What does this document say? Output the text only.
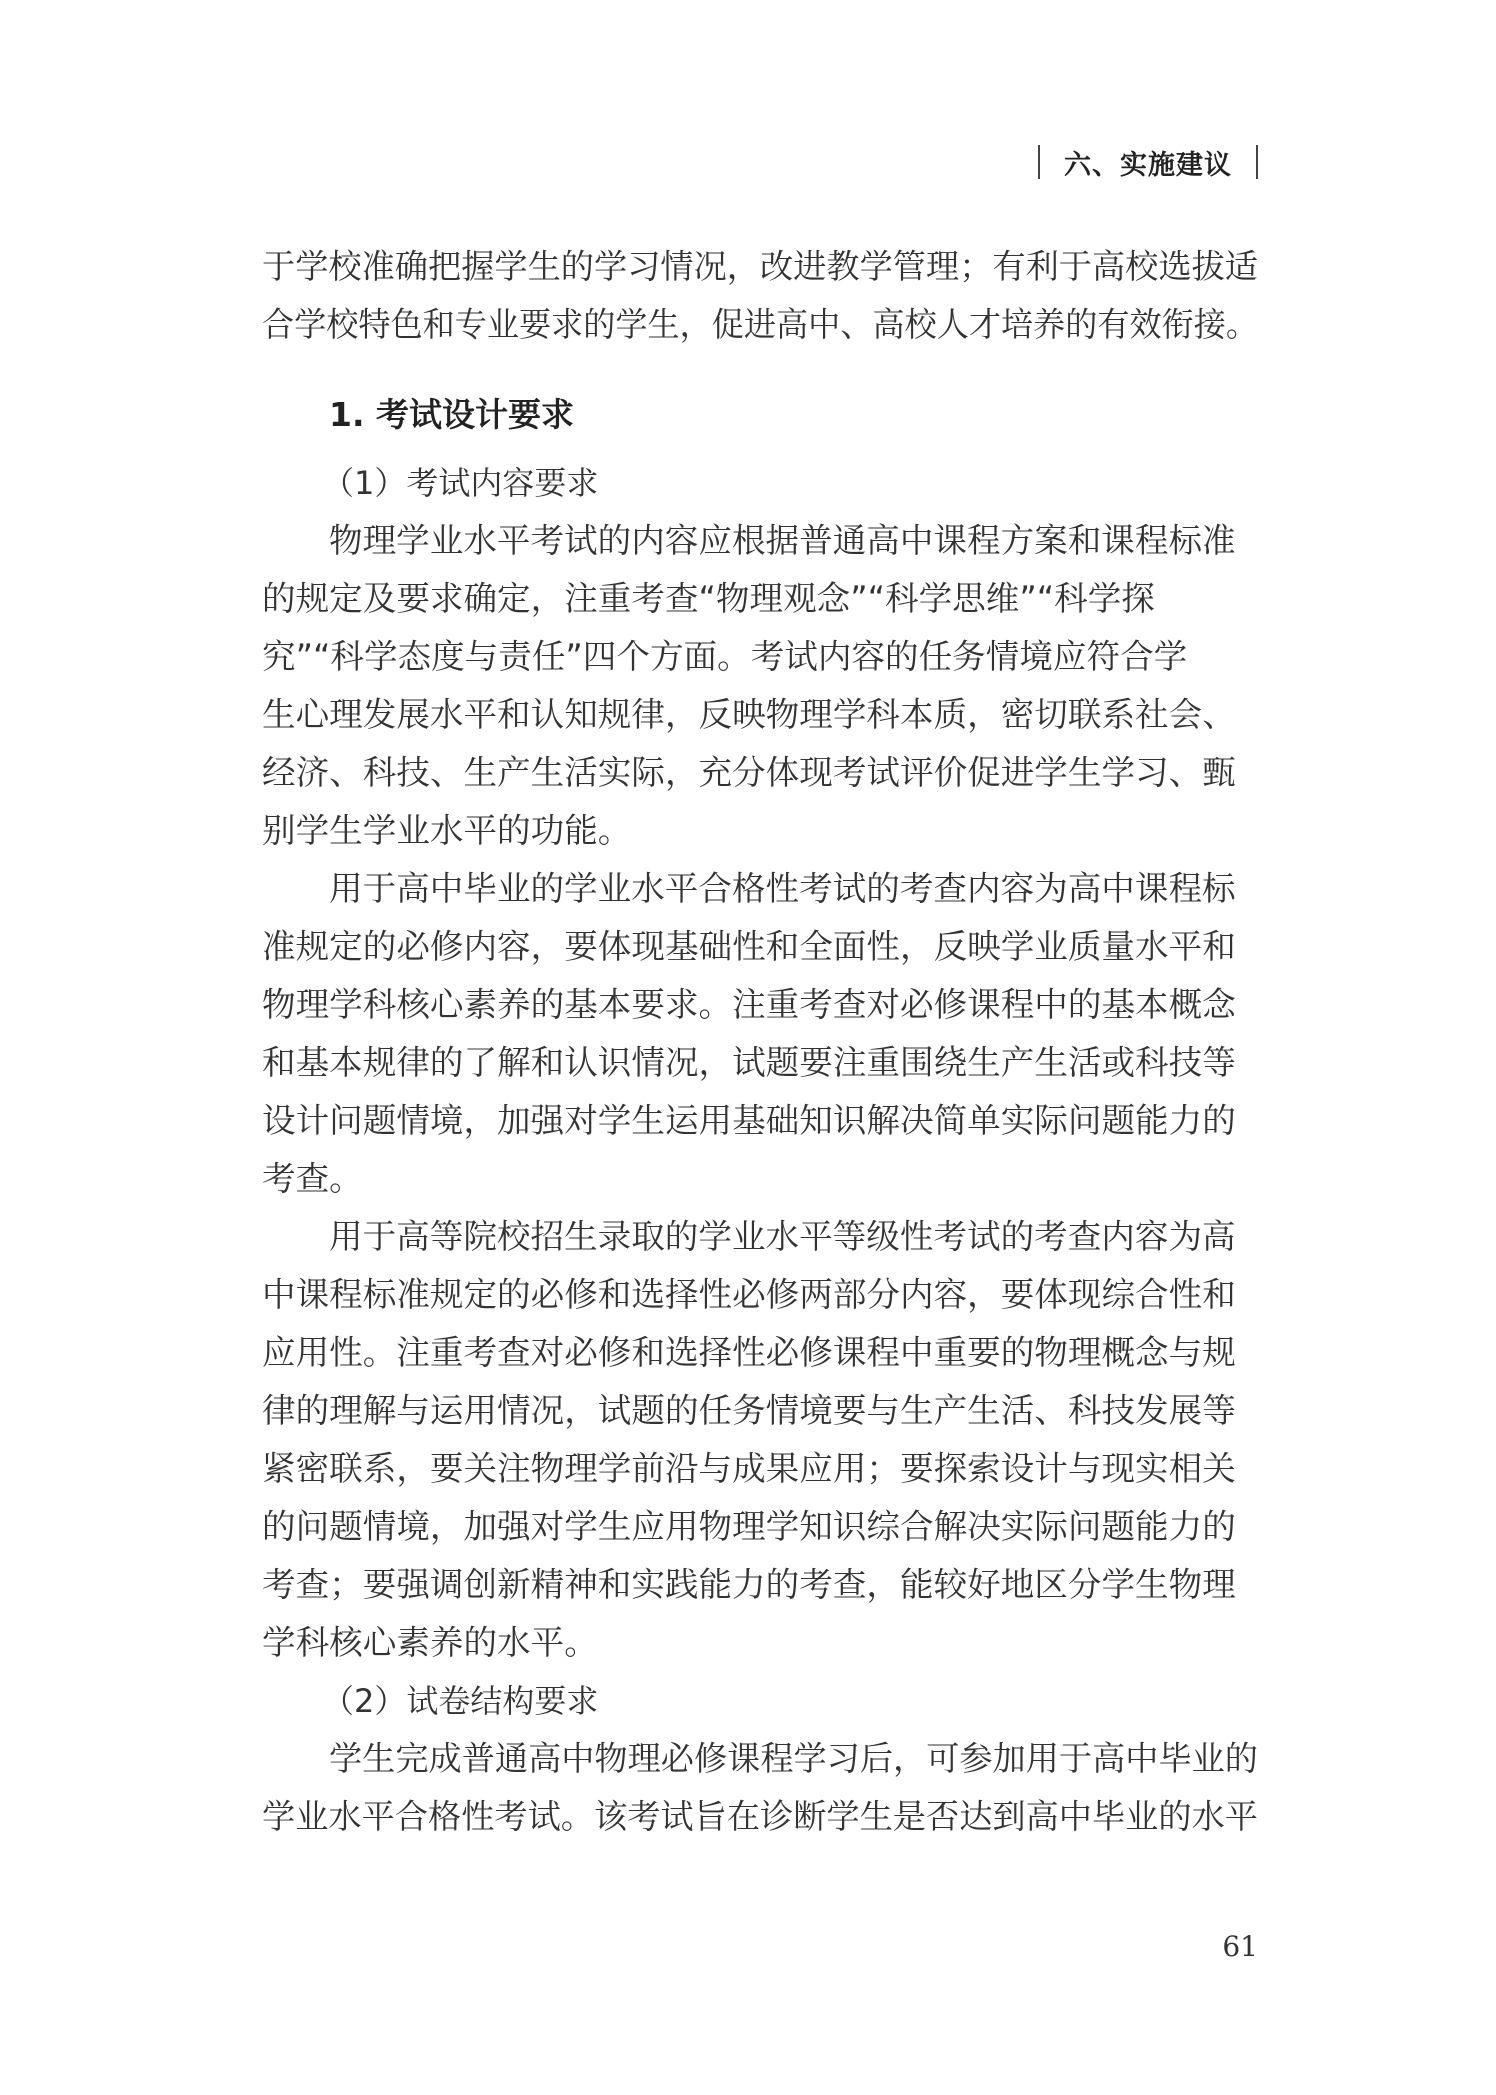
六、实施建议

于学校准确把握学生的学习情况，改进教学管理；有利于高校选拔适

合学校特色和专业要求的学生，促进高中、高校人才培养的有效衔接。

1. 考试设计要求
（1）考试内容要求

物理学业水平考试的内容应根据普通高中课程方案和课程标准

的规定及要求确定，注重考查“物理观念”“科学思维”“科学探

究”“科学态度与责任”四个方面。考试内容的任务情境应符合学

生心理发展水平和认知规律，反映物理学科本质，密切联系社会、

经济、科技、生产生活实际，充分体现考试评价促进学生学习、甄

别学生学业水平的功能。

用于高中毕业的学业水平合格性考试的考查内容为高中课程标

准规定的必修内容，要体现基础性和全面性，反映学业质量水平和

物理学科核心素养的基本要求。注重考查对必修课程中的基本概念

和基本规律的了解和认识情况，试题要注重围绕生产生活或科技等

设计问题情境，加强对学生运用基础知识解决简单实际问题能力的

考查。

用于高等院校招生录取的学业水平等级性考试的考查内容为高

中课程标准规定的必修和选择性必修两部分内容，要体现综合性和

应用性。注重考查对必修和选择性必修课程中重要的物理概念与规

律的理解与运用情况，试题的任务情境要与生产生活、科技发展等

紧密联系，要关注物理学前沿与成果应用；要探索设计与现实相关

的问题情境，加强对学生应用物理学知识综合解决实际问题能力的

考查；要强调创新精神和实践能力的考查，能较好地区分学生物理

学科核心素养的水平。

（2）试卷结构要求

学生完成普通高中物理必修课程学习后，可参加用于高中毕业的

学业水平合格性考试。该考试旨在诊断学生是否达到高中毕业的水平

61
